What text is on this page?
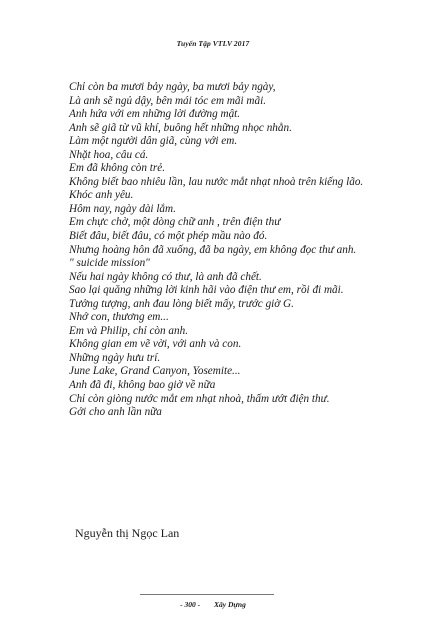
Tuyển Tập VTLV 2017
Chỉ còn ba mươi bảy ngày, ba mươi bảy ngày,
Là anh sẽ ngủ dậy, bên mái tóc em mãi mãi.
Anh hứa với em những lời đường mật.
Anh sẽ giã từ vũ khí, buông hết những nhọc nhằn.
Làm một người dân giã, cùng với em.
Nhặt hoa, câu cá.
Em đã không còn trẻ.
Không biết bao nhiêu lần, lau nước mắt nhạt nhoà trên kiếng lão.
Khóc anh yêu.
Hôm nay, ngày dài lắm.
Em chực chờ, một dòng chữ anh , trên điện thư
Biết đâu, biết đâu, có một phép mầu nào đó.
Nhưng hoàng hôn đã xuống, đã ba ngày, em không đọc thư anh.
" suicide mission"
Nếu hai ngày không có thư, là anh đã chết.
Sao lại quăng những lời kinh hãi vào điện thư em, rồi đi mãi.
Tưởng tượng, anh đau lòng biết mấy, trước giờ G.
Nhớ con, thương em...
Em và Philip, chỉ còn anh.
Không gian em vẽ vời, với anh và con.
Những ngày hưu trí.
June Lake, Grand Canyon, Yosemite...
Anh đã đi, không bao giờ về nữa
Chỉ còn giòng nước mắt em nhạt nhoà, thấm ướt điện thư.
Gởi cho anh lần nữa
Nguyễn thị Ngọc Lan
- 300 - Xây Dựng
